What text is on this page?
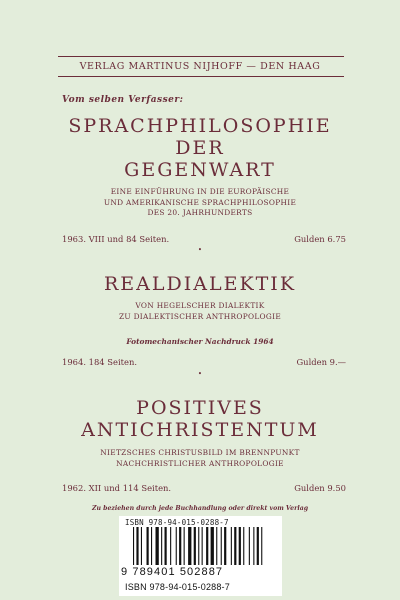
VERLAG MARTINUS NIJHOFF — DEN HAAG
Vom selben Verfasser:
SPRACHPHILOSOPHIE
DER
GEGENWART
EINE EINFÜHRUNG IN DIE EUROPÄISCHE
UND AMERIKANISCHE SPRACHPHILOSOPHIE
DES 20. JAHRHUNDERTS
1963. VIII und 84 Seiten.	Gulden 6.75
•
REALDIALEKTIK
VON HEGELSCHER DIALEKTIK
ZU DIALEKTISCHER ANTHROPOLOGIE
Fotomechanischer Nachdruck 1964
1964. 184 Seiten.	Gulden 9.—
•
POSITIVES
ANTICHRISTENTUM
NIETZSCHES CHRISTUSBILD IM BRENNPUNKT
NACHCHRISTLICHER ANTHROPOLOGIE
1962. XII und 114 Seiten.	Gulden 9.50
Zu beziehen durch jede Buchhandlung oder direkt vom Verlag
ISBN 978-94-015-0288-7
9 789401 502887
ISBN 978-94-015-0288-7
